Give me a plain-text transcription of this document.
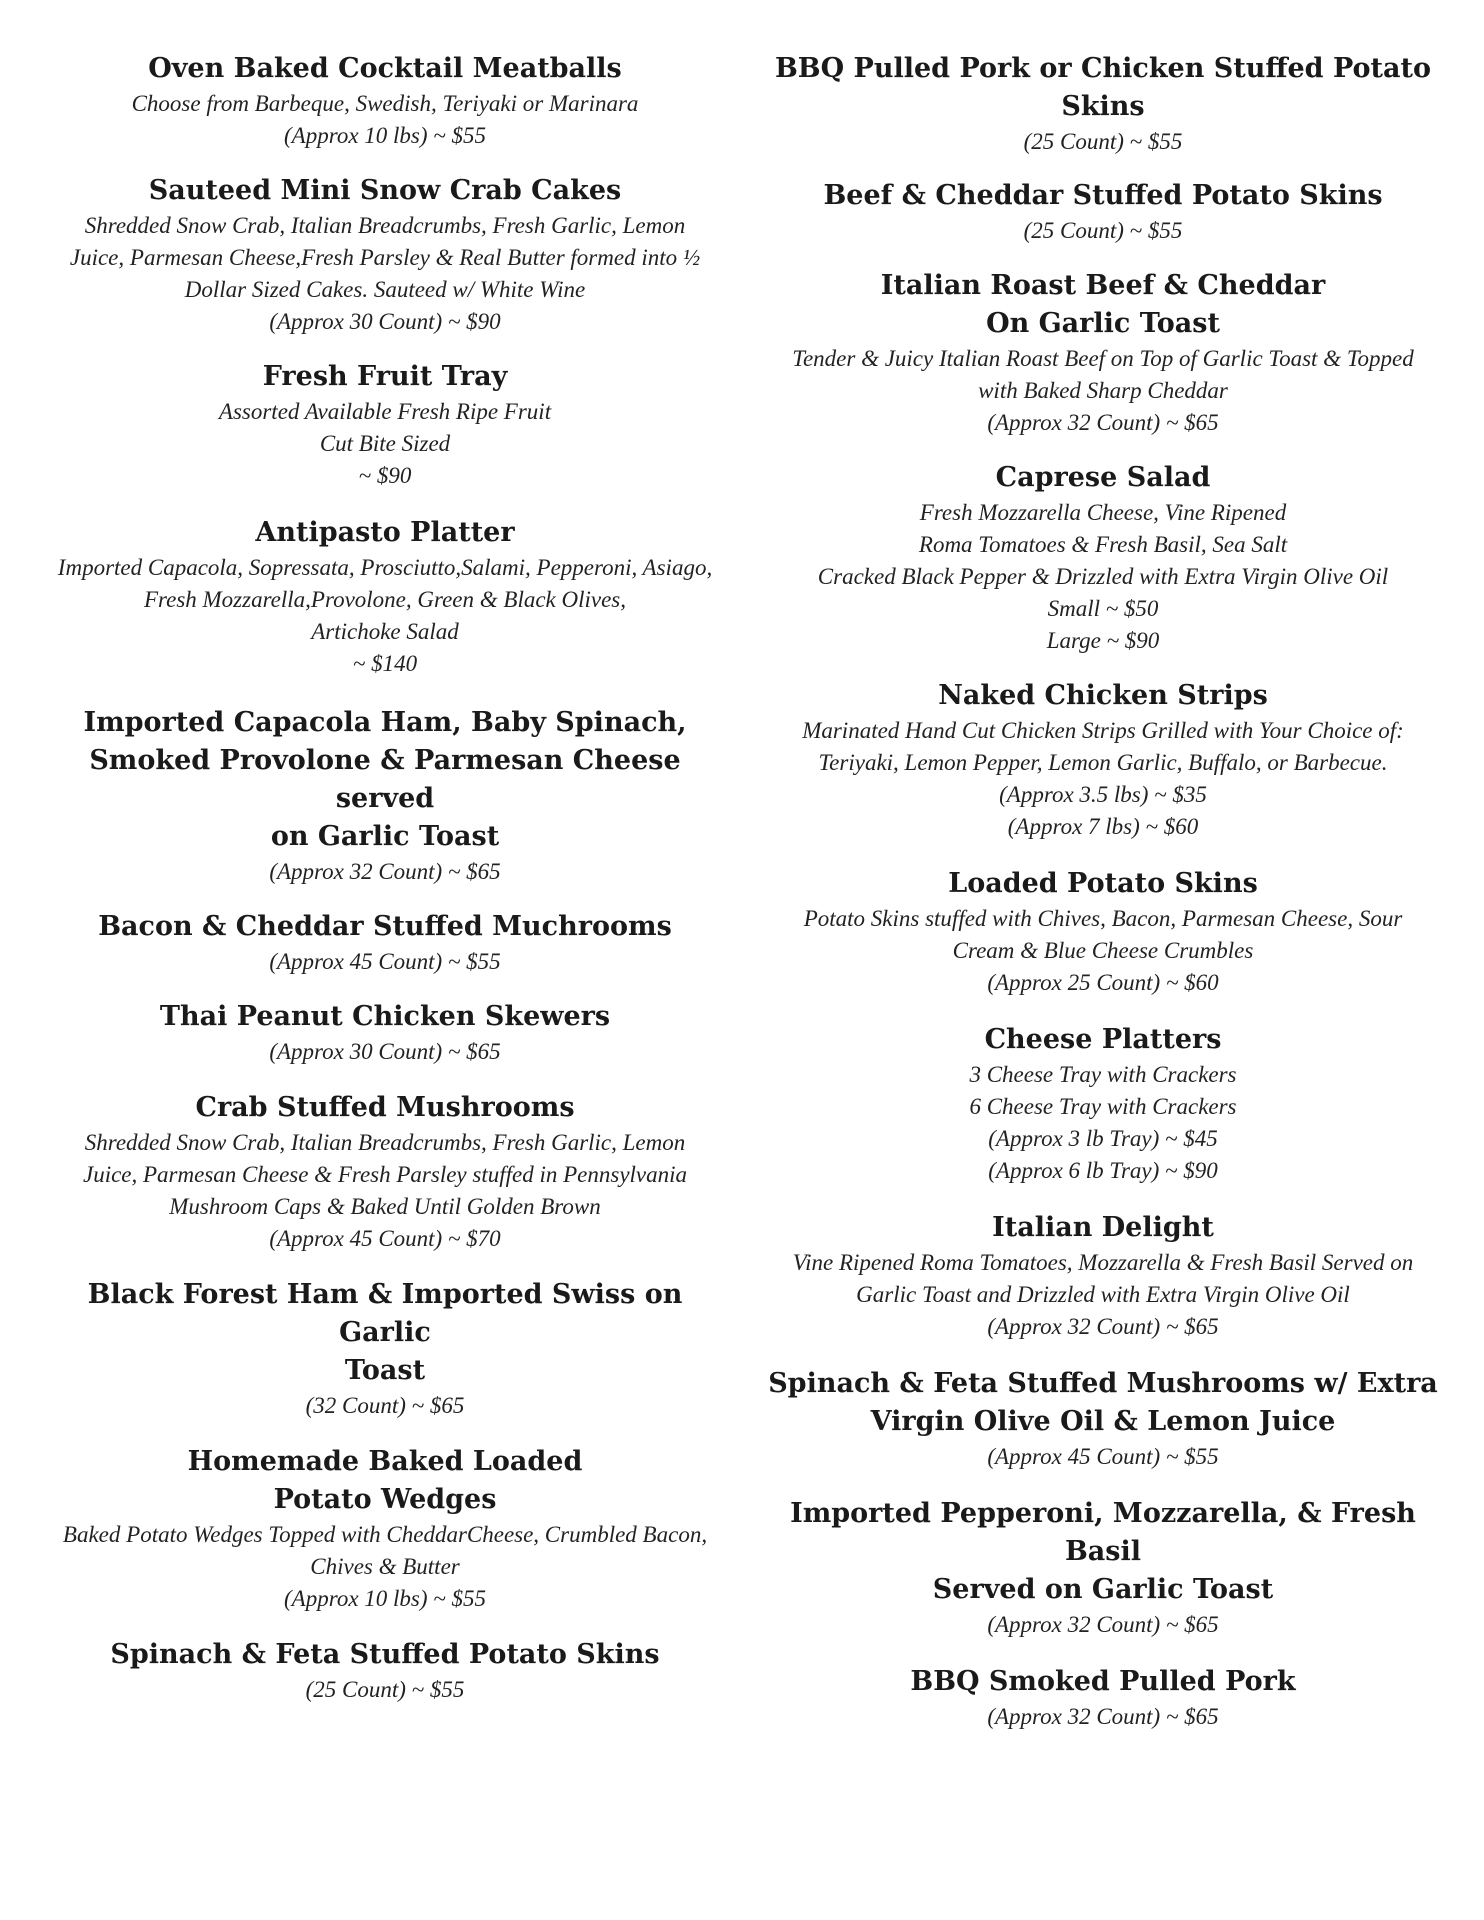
Oven Baked Cocktail Meatballs
Choose from Barbeque, Swedish, Teriyaki or Marinara
(Approx 10 lbs) ~ $55
Sauteed Mini Snow Crab Cakes
Shredded Snow Crab, Italian Breadcrumbs, Fresh Garlic, Lemon
Juice, Parmesan Cheese,Fresh Parsley & Real Butter formed into ½
Dollar Sized Cakes. Sauteed w/ White Wine
(Approx 30 Count) ~ $90
Fresh Fruit Tray
Assorted Available Fresh Ripe Fruit
Cut Bite Sized
~ $90
Antipasto Platter
Imported Capacola, Sopressata, Prosciutto,Salami, Pepperoni, Asiago,
Fresh Mozzarella,Provolone, Green & Black Olives,
Artichoke Salad
~ $140
Imported Capacola Ham, Baby Spinach,
Smoked Provolone & Parmesan Cheese served
on Garlic Toast
(Approx 32 Count) ~ $65
Bacon & Cheddar Stuffed Muchrooms
(Approx 45 Count) ~ $55
Thai Peanut Chicken Skewers
(Approx 30 Count) ~ $65
Crab Stuffed Mushrooms
Shredded Snow Crab, Italian Breadcrumbs, Fresh Garlic, Lemon
Juice, Parmesan Cheese & Fresh Parsley stuffed in Pennsylvania
Mushroom Caps & Baked Until Golden Brown
(Approx 45 Count) ~ $70
Black Forest Ham & Imported Swiss on Garlic
Toast
(32 Count) ~ $65
Homemade Baked Loaded
Potato Wedges
Baked Potato Wedges Topped with CheddarCheese, Crumbled Bacon,
Chives & Butter
(Approx 10 lbs) ~ $55
Spinach & Feta Stuffed Potato Skins
(25 Count) ~ $55
BBQ Pulled Pork or Chicken Stuffed Potato Skins
(25 Count) ~ $55
Beef & Cheddar Stuffed Potato Skins
(25 Count) ~ $55
Italian Roast Beef & Cheddar
On Garlic Toast
Tender & Juicy Italian Roast Beef on Top of Garlic Toast & Topped
with Baked Sharp Cheddar
(Approx 32 Count) ~ $65
Caprese Salad
Fresh Mozzarella Cheese, Vine Ripened
Roma Tomatoes & Fresh Basil, Sea Salt
Cracked Black Pepper & Drizzled with Extra Virgin Olive Oil
Small ~ $50
Large ~ $90
Naked Chicken Strips
Marinated Hand Cut Chicken Strips Grilled with Your Choice of:
Teriyaki, Lemon Pepper, Lemon Garlic, Buffalo, or Barbecue.
(Approx 3.5 lbs) ~ $35
(Approx 7 lbs) ~ $60
Loaded Potato Skins
Potato Skins stuffed with Chives, Bacon, Parmesan Cheese, Sour
Cream & Blue Cheese Crumbles
(Approx 25 Count) ~ $60
Cheese Platters
3 Cheese Tray with Crackers
6 Cheese Tray with Crackers
(Approx 3 lb Tray) ~ $45
(Approx 6 lb Tray) ~ $90
Italian Delight
Vine Ripened Roma Tomatoes, Mozzarella & Fresh Basil Served on
Garlic Toast and Drizzled with Extra Virgin Olive Oil
(Approx 32 Count) ~ $65
Spinach & Feta Stuffed Mushrooms w/ Extra
Virgin Olive Oil & Lemon Juice
(Approx 45 Count) ~ $55
Imported Pepperoni, Mozzarella, & Fresh Basil
Served on Garlic Toast
(Approx 32 Count) ~ $65
BBQ Smoked Pulled Pork
(Approx 32 Count) ~ $65
